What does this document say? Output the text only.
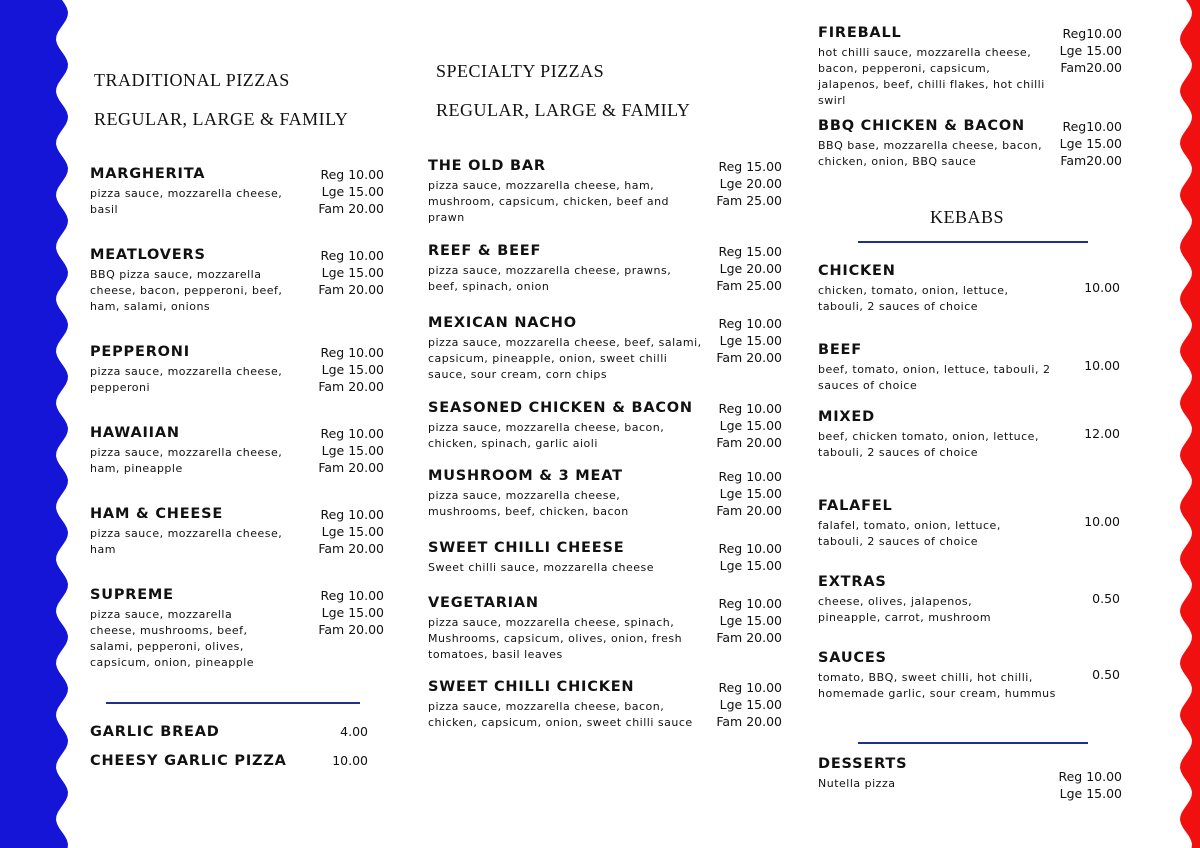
TRADITIONAL PIZZAS
REGULAR, LARGE & FAMILY
MARGHERITA
pizza sauce, mozzarella cheese, basil
Reg 10.00
Lge 15.00
Fam 20.00
MEATLOVERS
BBQ pizza sauce, mozzarella cheese, bacon, pepperoni, beef, ham, salami, onions
Reg 10.00
Lge 15.00
Fam 20.00
PEPPERONI
pizza sauce, mozzarella cheese, pepperoni
Reg 10.00
Lge 15.00
Fam 20.00
HAWAIIAN
pizza sauce, mozzarella cheese, ham, pineapple
Reg 10.00
Lge 15.00
Fam 20.00
HAM & CHEESE
pizza sauce, mozzarella cheese, ham
Reg 10.00
Lge 15.00
Fam 20.00
SUPREME
pizza sauce, mozzarella cheese, mushrooms, beef, salami, pepperoni, olives, capsicum, onion, pineapple
Reg 10.00
Lge 15.00
Fam 20.00
GARLIC BREAD	4.00
CHEESY GARLIC PIZZA	10.00
SPECIALTY PIZZAS
REGULAR, LARGE & FAMILY
THE OLD BAR
pizza sauce, mozzarella cheese, ham, mushroom, capsicum, chicken, beef and prawn
Reg 15.00
Lge 20.00
Fam 25.00
REEF & BEEF
pizza sauce, mozzarella cheese, prawns, beef, spinach, onion
Reg 15.00
Lge 20.00
Fam 25.00
MEXICAN NACHO
pizza sauce, mozzarella cheese, beef, salami, capsicum, pineapple, onion, sweet chilli sauce, sour cream, corn chips
Reg 10.00
Lge 15.00
Fam 20.00
SEASONED CHICKEN & BACON
pizza sauce, mozzarella cheese, bacon, chicken, spinach, garlic aioli
Reg 10.00
Lge 15.00
Fam 20.00
MUSHROOM & 3 MEAT
pizza sauce, mozzarella cheese, mushrooms, beef, chicken, bacon
Reg 10.00
Lge 15.00
Fam 20.00
SWEET CHILLI CHEESE
Sweet chilli sauce, mozzarella cheese
Reg 10.00
Lge 15.00
VEGETARIAN
pizza sauce, mozzarella cheese, spinach, Mushrooms, capsicum, olives, onion, fresh tomatoes, basil leaves
Reg 10.00
Lge 15.00
Fam 20.00
SWEET CHILLI CHICKEN
pizza sauce, mozzarella cheese, bacon, chicken, capsicum, onion, sweet chilli sauce
Reg 10.00
Lge 15.00
Fam 20.00
FIREBALL
hot chilli sauce, mozzarella cheese, bacon, pepperoni, capsicum, jalapenos, beef, chilli flakes, hot chilli swirl
Reg10.00
Lge 15.00
Fam20.00
BBQ CHICKEN & BACON
BBQ base, mozzarella cheese, bacon, chicken, onion, BBQ sauce
Reg10.00
Lge 15.00
Fam20.00
KEBABS
CHICKEN
chicken, tomato, onion, lettuce, tabouli, 2 sauces of choice
10.00
BEEF
beef, tomato, onion, lettuce, tabouli, 2 sauces of choice
10.00
MIXED
beef, chicken tomato, onion, lettuce, tabouli, 2 sauces of choice
12.00
FALAFEL
falafel, tomato, onion, lettuce, tabouli, 2 sauces of choice
10.00
EXTRAS
cheese, olives, jalapenos, pineapple, carrot, mushroom
0.50
SAUCES
tomato, BBQ, sweet chilli, hot chilli, homemade garlic, sour cream, hummus
0.50
DESSERTS
Nutella pizza	Reg 10.00
Lge 15.00
